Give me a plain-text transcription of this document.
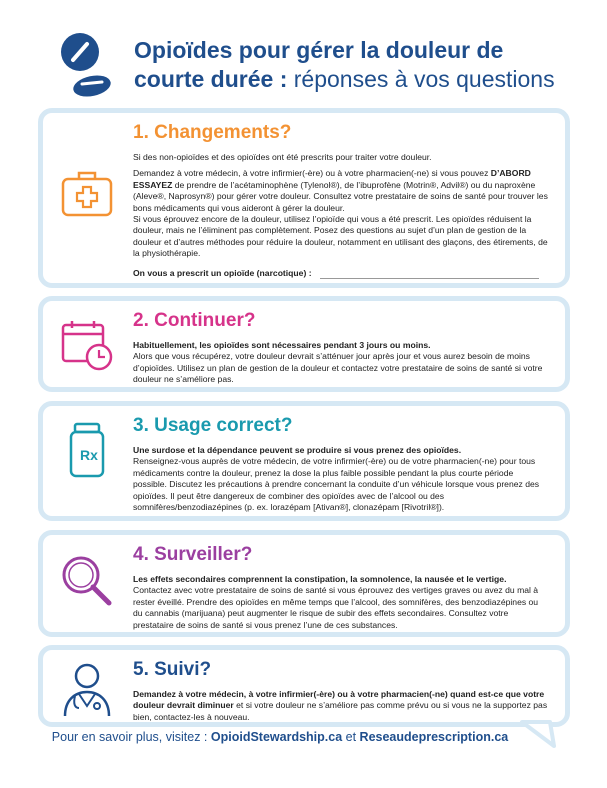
Opioïdes pour gérer la douleur de courte durée : réponses à vos questions
1. Changements?

Si des non-opioïdes et des opioïdes ont été prescrits pour traiter votre douleur.

Demandez à votre médecin, à votre infirmier(-ère) ou à votre pharmacien(-ne) si vous pouvez D’ABORD ESSAYEZ de prendre de l’acétaminophène (Tylenol®), de l’ibuprofène (Motrin®, Advil®) ou du naproxène (Aleve®, Naprosyn®) pour gérer votre douleur. Consultez votre prestataire de soins de santé pour trouver les bons médicaments qui vous aideront à gérer la douleur.

Si vous éprouvez encore de la douleur, utilisez l’opioïde qui vous a été prescrit. Les opioïdes réduisent la douleur, mais ne l’éliminent pas complètement. Posez des questions au sujet d’un plan de gestion de la douleur et d’autres méthodes pour réduire la douleur, notamment en utilisant des glaçons, des étirements, de la physiothérapie.

On vous a prescrit un opioïde (narcotique) :
2. Continuer?

Habituellement, les opioïdes sont nécessaires pendant 3 jours ou moins.

Alors que vous récupérez, votre douleur devrait s’atténuer jour après jour et vous aurez besoin de moins d’opioïdes. Utilisez un plan de gestion de la douleur et contactez votre prestataire de soins de santé si votre douleur ne s’améliore pas.

Rx
3. Usage correct?

Une surdose et la dépendance peuvent se produire si vous prenez des opioïdes.

Renseignez-vous auprès de votre médecin, de votre infirmier(-ère) ou de votre pharmacien(-ne) pour tous médicaments contre la douleur, prenez la dose la plus faible possible pendant la plus courte période possible. Discutez les précautions à prendre concernant la conduite d’un véhicule lorsque vous prenez des opioïdes. Il peut être dangereux de combiner des opioïdes avec de l’alcool ou des somnifères/benzodiazépines (p. ex. lorazépam [Ativan®], clonazépam [Rivotril®]).

4. Surveiller?

Les effets secondaires comprennent la constipation, la somnolence, la nausée et le vertige.

Contactez avec votre prestataire de soins de santé si vous éprouvez des vertiges graves ou avez du mal à rester éveillé. Prendre des opioïdes en même temps que l’alcool, des somnifères, des benzodiazépines ou du cannabis (marijuana) peut augmenter le risque de subir des effets secondaires. Consultez votre prestataire de soins de santé si vous prenez l’une de ces substances.

5. Suivi?

Demandez à votre médecin, à votre infirmier(-ère) ou à votre pharmacien(-ne) quand est-ce que votre douleur devrait diminuer et si votre douleur ne s’améliore pas comme prévu ou si vous ne la supportez pas bien, contactez-les à nouveau.

Pour en savoir plus, visitez : OpioidStewardship.ca et Reseaudeprescription.ca
